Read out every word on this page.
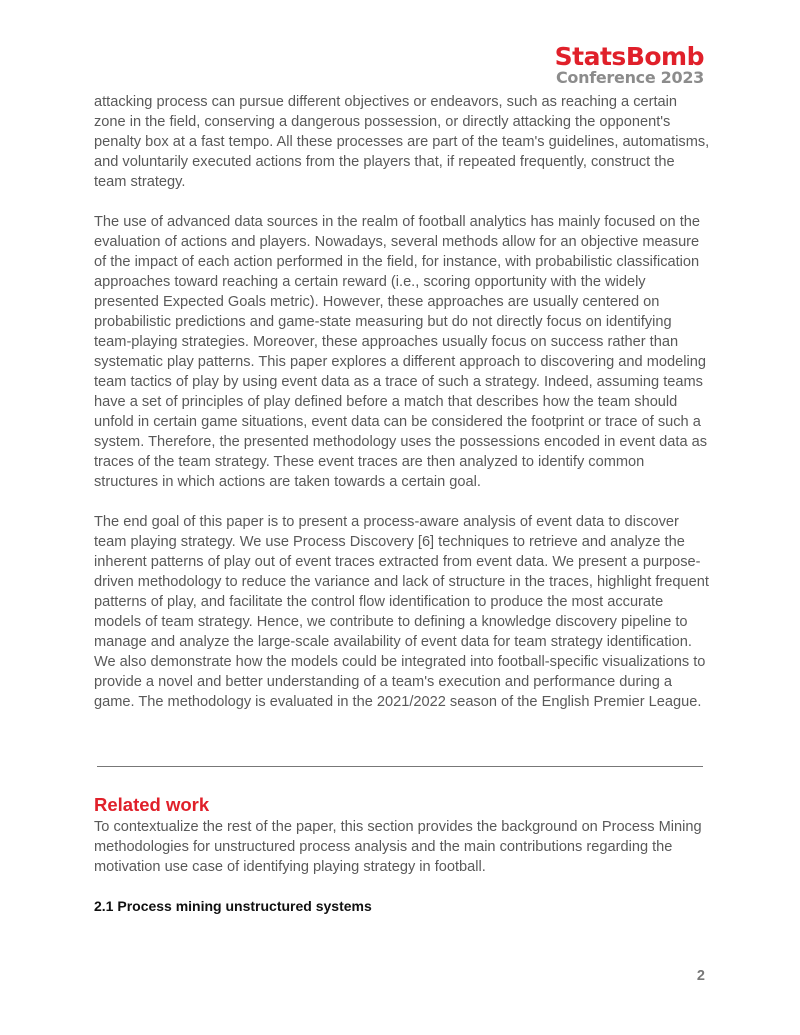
StatsBomb
Conference 2023

attacking process can pursue different objectives or endeavors, such as reaching a certain zone in the field, conserving a dangerous possession, or directly attacking the opponent's penalty box at a fast tempo. All these processes are part of the team's guidelines, automatisms, and voluntarily executed actions from the players that, if repeated frequently, construct the team strategy.

The use of advanced data sources in the realm of football analytics has mainly focused on the evaluation of actions and players. Nowadays, several methods allow for an objective measure of the impact of each action performed in the field, for instance, with probabilistic classification approaches toward reaching a certain reward (i.e., scoring opportunity with the widely presented Expected Goals metric). However, these approaches are usually centered on probabilistic predictions and game-state measuring but do not directly focus on identifying team-playing strategies. Moreover, these approaches usually focus on success rather than systematic play patterns. This paper explores a different approach to discovering and modeling team tactics of play by using event data as a trace of such a strategy. Indeed, assuming teams have a set of principles of play defined before a match that describes how the team should unfold in certain game situations, event data can be considered the footprint or trace of such a system. Therefore, the presented methodology uses the possessions encoded in event data as traces of the team strategy. These event traces are then analyzed to identify common structures in which actions are taken towards a certain goal.

The end goal of this paper is to present a process-aware analysis of event data to discover team playing strategy. We use Process Discovery [6] techniques to retrieve and analyze the inherent patterns of play out of event traces extracted from event data. We present a purpose-driven methodology to reduce the variance and lack of structure in the traces, highlight frequent patterns of play, and facilitate the control flow identification to produce the most accurate models of team strategy. Hence, we contribute to defining a knowledge discovery pipeline to manage and analyze the large-scale availability of event data for team strategy identification. We also demonstrate how the models could be integrated into football-specific visualizations to provide a novel and better understanding of a team's execution and performance during a game. The methodology is evaluated in the 2021/2022 season of the English Premier League.

Related work

To contextualize the rest of the paper, this section provides the background on Process Mining methodologies for unstructured process analysis and the main contributions regarding the motivation use case of identifying playing strategy in football.

2.1 Process mining unstructured systems
2
